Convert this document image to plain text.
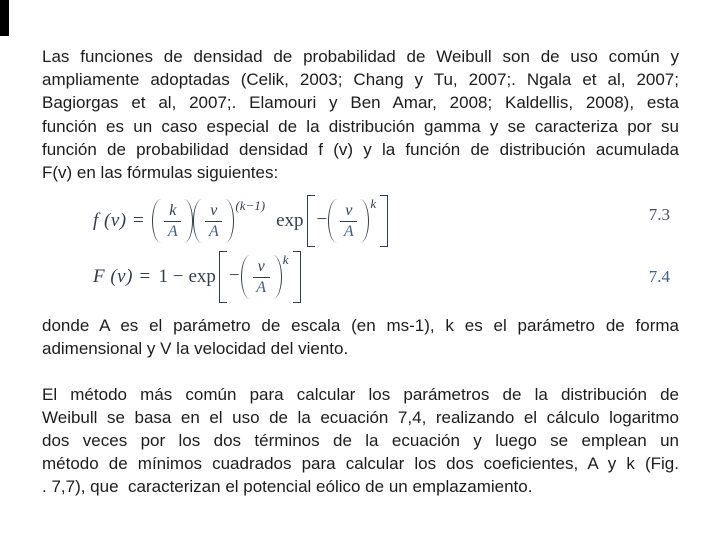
Las funciones de densidad de probabilidad de Weibull son de uso común y
ampliamente adoptadas (Celik, 2003; Chang y Tu, 2007;. Ngala et al, 2007;
Bagiorgas et al, 2007;. Elamouri y Ben Amar, 2008; Kaldellis, 2008), esta
función es un caso especial de la distribución gamma y se caracteriza por su
función de probabilidad densidad f (v) y la función de distribución acumulada
F(v) en las fórmulas siguientes:
f $(v) = \frac{k}{A} \frac{v}{A} (k-1)$
$\exp - \frac{v}{A}$ k
7.3
F $(v) = 1 - \exp - \frac{v}{A}$ k
7.4
donde A es el parámetro de escala (en ms-1), k es el parámetro de forma
adimensional y V la velocidad del viento.
El método más común para calcular los parámetros de la distribución de
Weibull se basa en el uso de la ecuación 7,4, realizando el cálculo logaritmo
dos veces por los dos términos de la ecuación y luego se emplean un
método de mínimos cuadrados para calcular los dos coeficientes, A y k (Fig.
. 7,7), que  caracterizan el potencial eólico de un emplazamiento.
